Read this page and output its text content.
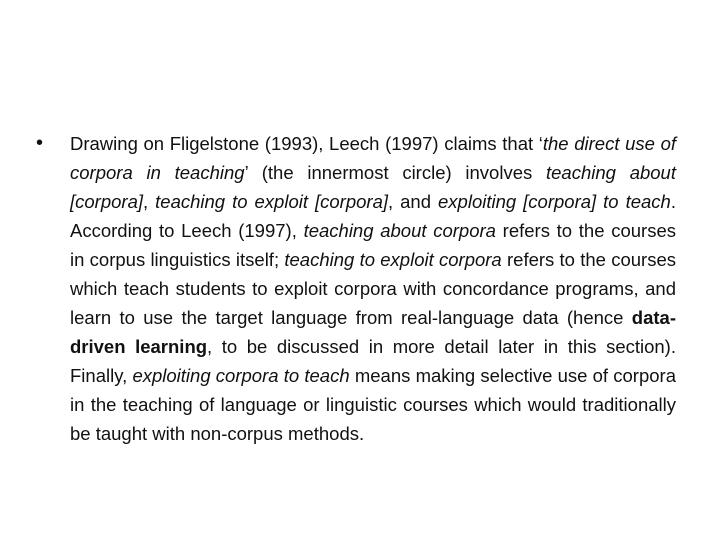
•	Drawing on Fligelstone (1993), Leech (1997) claims that ‘the direct use of corpora in teaching’ (the innermost circle) involves teaching about [corpora], teaching to exploit [corpora], and exploiting [corpora] to teach. According to Leech (1997), teaching about corpora refers to the courses in corpus linguistics itself; teaching to exploit corpora refers to the courses which teach students to exploit corpora with concordance programs, and learn to use the target language from real-language data (hence data-driven learning, to be discussed in more detail later in this section). Finally, exploiting corpora to teach means making selective use of corpora in the teaching of language or linguistic courses which would traditionally be taught with non-corpus methods.
